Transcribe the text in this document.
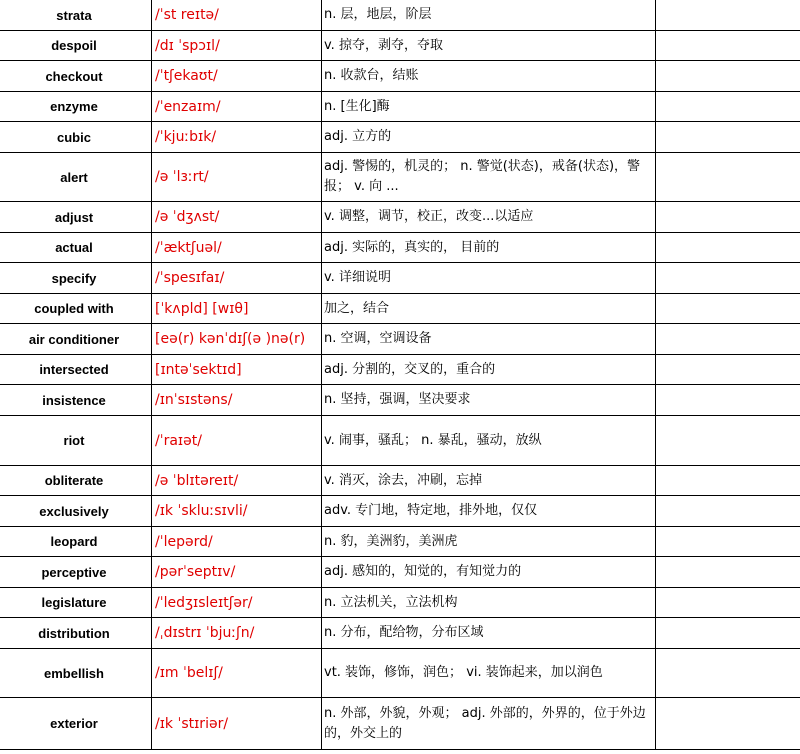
strata	/ˈst reɪtə/	n. 层，地层，阶层	
despoil	/dɪ ˈspɔɪl/	v. 掠夺，剥夺，夺取	
checkout	/ˈtʃekaʊt/	n. 收款台，结账	
enzyme	/ˈenzaɪm/	n. [生化]酶	
cubic	/ˈkjuːbɪk/	adj. 立方的	
alert	/ə ˈlɜːrt/	adj. 警惕的，机灵的； n. 警觉(状态)，戒备(状态)，警报； v. 向 ...	
adjust	/ə ˈdʒʌst/	v. 调整，调节，校正，改变...以适应	
actual	/ˈæktʃuəl/	adj. 实际的，真实的， 目前的	
specify	/ˈspesɪfaɪ/	v. 详细说明	
coupled with	[ˈkʌpld] [wɪθ]	加之，结合	
air conditioner	[eə(r) kənˈdɪʃ(ə )nə(r)	n. 空调，空调设备	
intersected	[ɪntəˈsektɪd]	adj. 分割的，交叉的，重合的	
insistence	/ɪnˈsɪstəns/	n. 坚持，强调，坚决要求	
riot	/ˈraɪət/	v. 闹事，骚乱； n. 暴乱，骚动，放纵	
obliterate	/ə ˈblɪtəreɪt/	v. 消灭，涂去，冲刷，忘掉	
exclusively	/ɪk ˈskluːsɪvli/	adv. 专门地，特定地，排外地，仅仅	
leopard	/ˈlepərd/	n. 豹，美洲豹，美洲虎	
perceptive	/pərˈseptɪv/	adj. 感知的，知觉的，有知觉力的	
legislature	/ˈledʒɪsleɪtʃər/	n. 立法机关，立法机构	
distribution	/ˌdɪstrɪ ˈbjuːʃn/	n. 分布，配给物，分布区域	
embellish	/ɪm ˈbelɪʃ/	vt. 装饰，修饰，润色； vi. 装饰起来，加以润色	
exterior	/ɪk ˈstɪriər/	n. 外部，外貌，外观； adj. 外部的，外界的，位于外边的，外交上的	
